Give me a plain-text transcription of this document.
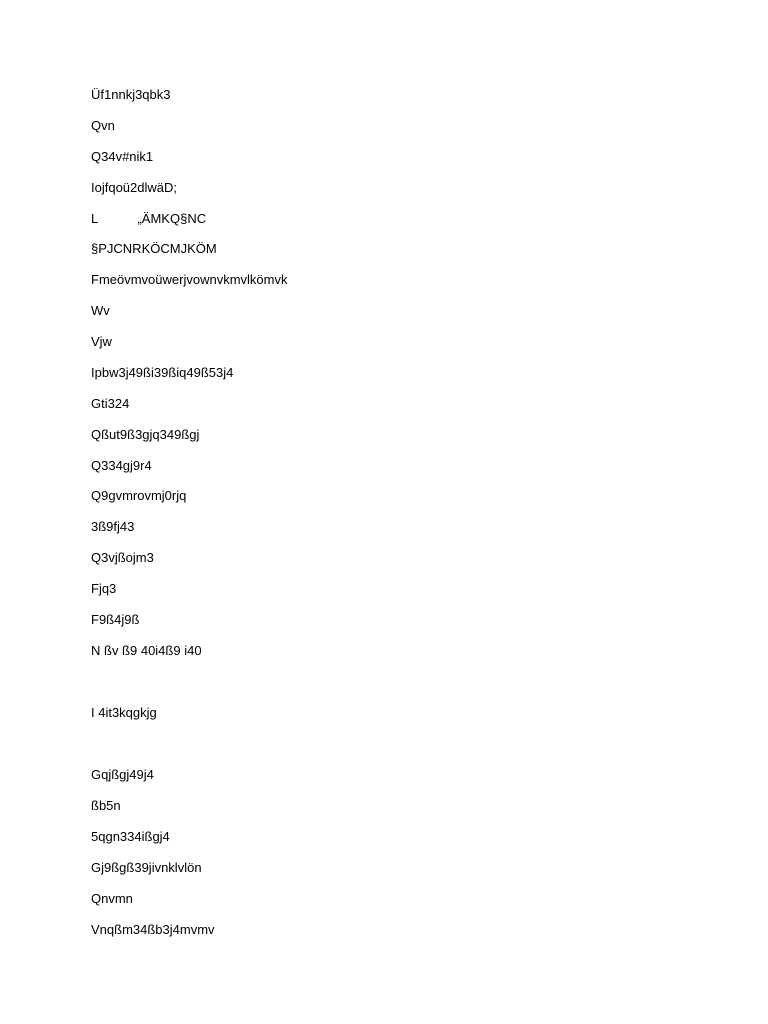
Üf1nnkj3qbk3
Qvn
Q34v#nik1
Iojfqoü2dlwäD;
L           „ÄMKQ§NC
§PJCNRKÖCMJKÖM
Fmeövmvoüwerjvownvkmvlkömvk
Wv
Vjw
Ipbw3j49ßi39ßiq49ß53j4
Gti324
Qßut9ß3gjq349ßgj
Q334gj9r4
Q9gvmrovmj0rjq
3ß9fj43
Q3vjßojm3
Fjq3
F9ß4j9ß
N ßv ß9 40i4ß9 i40
I 4it3kqgkjg
Gqjßgj49j4
ßb5n
5qgn334ißgj4
Gj9ßgß39jivnklvlön
Qnvmn
Vnqßm34ßb3j4mvmv
